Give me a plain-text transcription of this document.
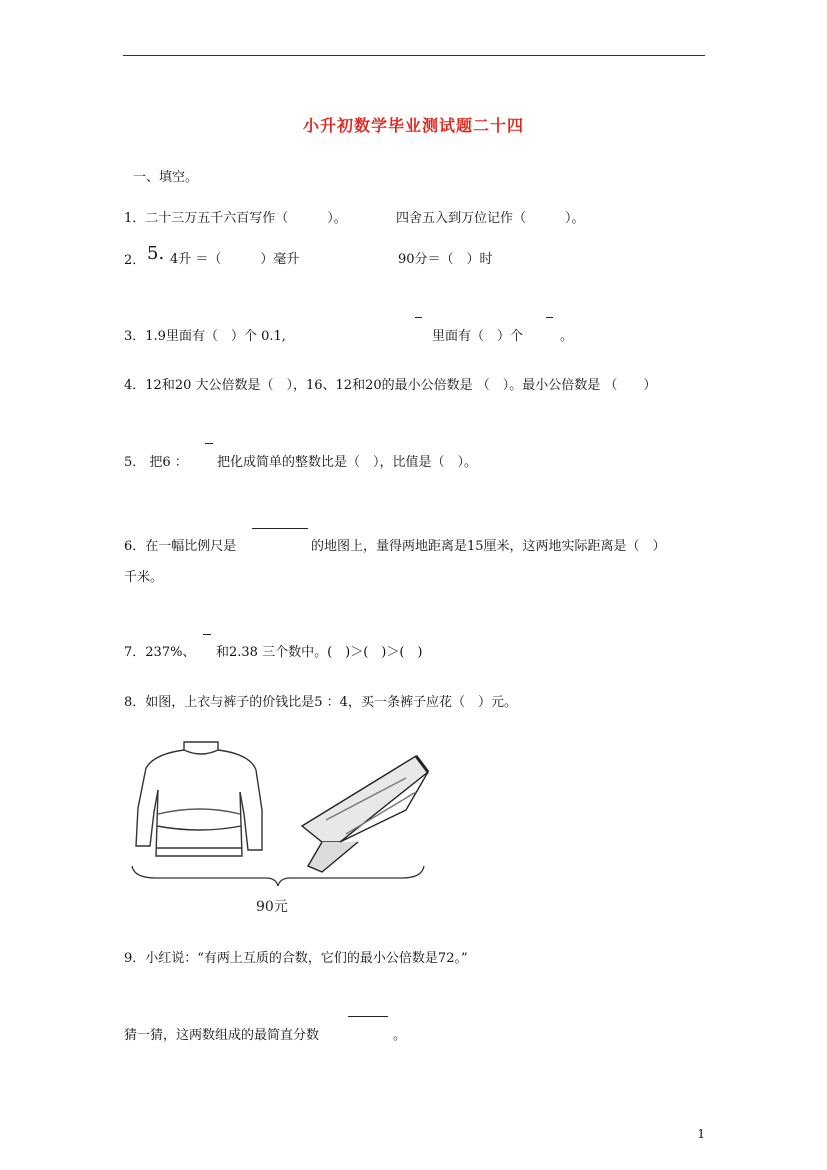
小升初数学毕业测试题二十四
一、填空。
1．二十三万五千六百写作（　　　）。	四舍五入到万位记作（　　　）。
2． 5. 4升 ＝（　　　）毫升	90分＝（　）时
3．1.9里面有（　）个 0.1,	里面有（　）个	。
4．12和20 大公倍数是（　），16、12和20的最小公倍数是 （　）。最小公倍数是 （　　）
5． 把6 ： 把化成简单的整数比是（　），比值是（　）。
6．在一幅比例尺是	的地图上，量得两地距离是15厘米，这两地实际距离是（　）
千米。
7．237%、 和2.38 三个数中。(　)＞(　)＞(　)
8．如图，上衣与裤子的价钱比是5 ：4，买一条裤子应花（　）元。
90元
9．小红说：“有两上互质的合数，它们的最小公倍数是72。”
猜一猜，这两数组成的最简直分数	。
1
